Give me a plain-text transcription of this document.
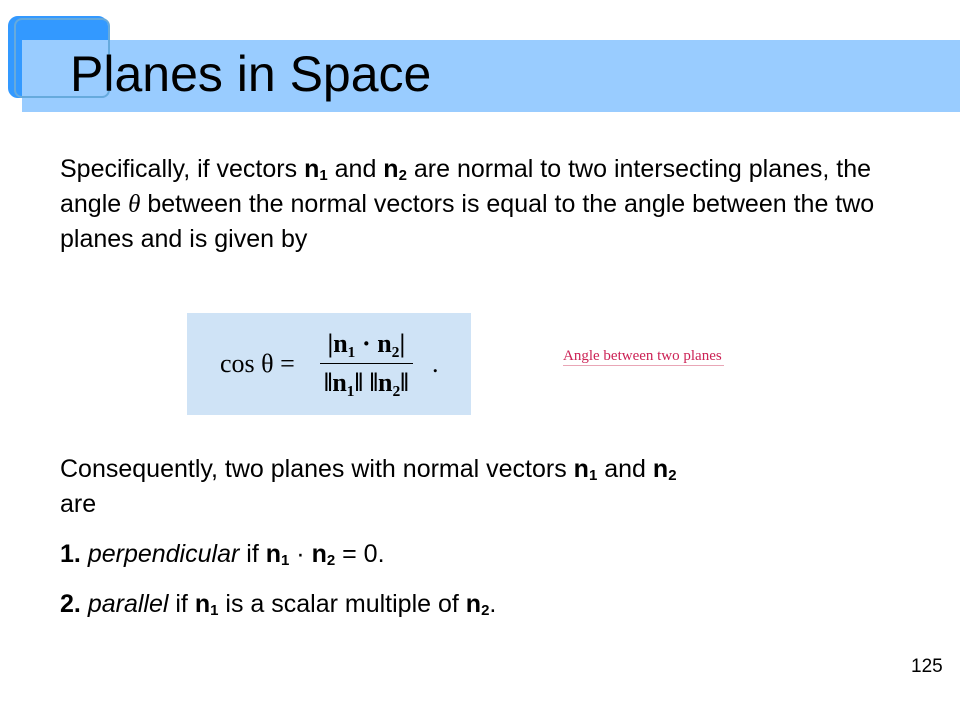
Planes in Space
Specifically, if vectors $n_1$ and $n_2$ are normal to two intersecting planes, the angle θ between the normal vectors is equal to the angle between the two planes and is given by
cos θ =
|n₁ · n₂|
‖n₁‖ ‖n₂‖
.	Angle between two planes
Consequently, two planes with normal vectors $n_1$ and $n_2$
are
1. perpendicular if $n_1 \cdot n_2 = 0$.
2. parallel if $n_1$ is a scalar multiple of $n_2$.
125
